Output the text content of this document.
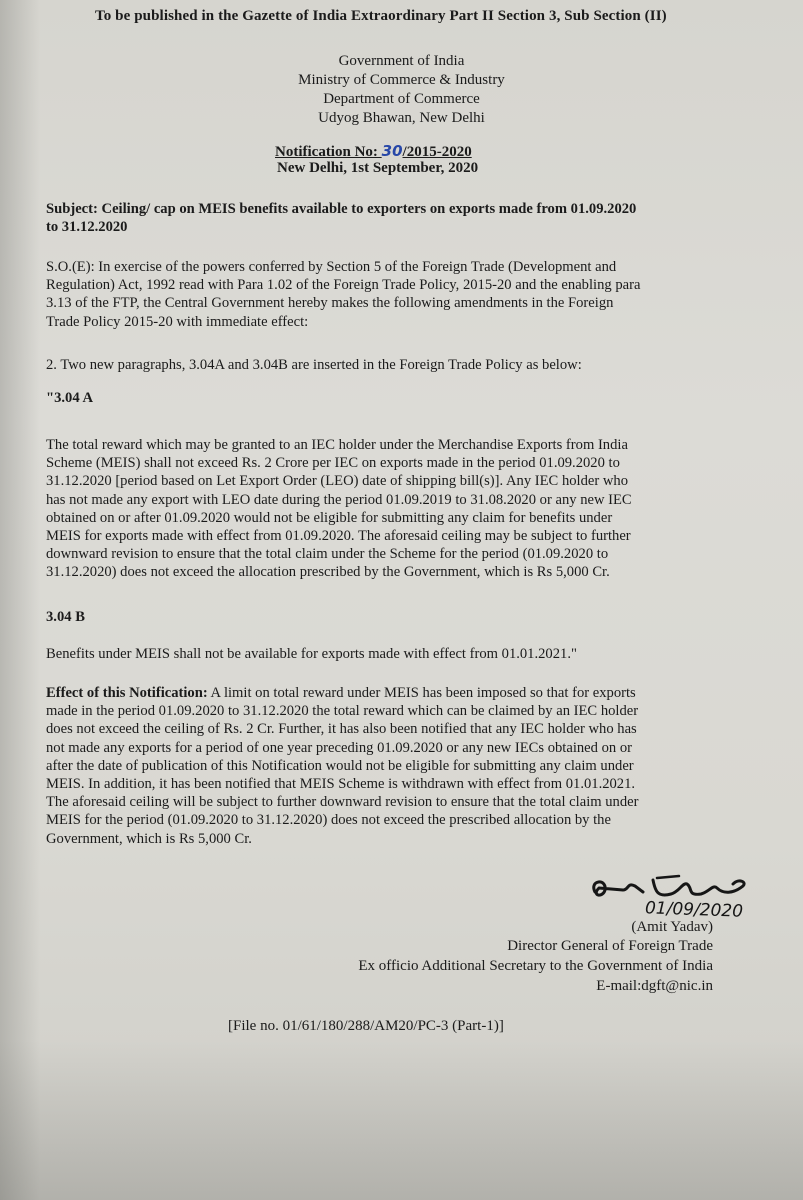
To be published in the Gazette of India Extraordinary Part II Section 3, Sub Section (II)
Government of India
Ministry of Commerce & Industry
Department of Commerce
Udyog Bhawan, New Delhi
Notification No: 30/2015-2020
New Delhi, 1st September, 2020
Subject: Ceiling/ cap on MEIS benefits available to exporters on exports made from 01.09.2020
to 31.12.2020
S.O.(E): In exercise of the powers conferred by Section 5 of the Foreign Trade (Development and
Regulation) Act, 1992 read with Para 1.02 of the Foreign Trade Policy, 2015-20 and the enabling para
3.13 of the FTP, the Central Government hereby makes the following amendments in the Foreign
Trade Policy 2015-20 with immediate effect:
2. Two new paragraphs, 3.04A and 3.04B are inserted in the Foreign Trade Policy as below:
"3.04 A
The total reward which may be granted to an IEC holder under the Merchandise Exports from India
Scheme (MEIS) shall not exceed Rs. 2 Crore per IEC on exports made in the period 01.09.2020 to
31.12.2020 [period based on Let Export Order (LEO) date of shipping bill(s)]. Any IEC holder who
has not made any export with LEO date during the period 01.09.2019 to 31.08.2020 or any new IEC
obtained on or after 01.09.2020 would not be eligible for submitting any claim for benefits under
MEIS for exports made with effect from 01.09.2020. The aforesaid ceiling may be subject to further
downward revision to ensure that the total claim under the Scheme for the period (01.09.2020 to
31.12.2020) does not exceed the allocation prescribed by the Government, which is Rs 5,000 Cr.
3.04 B
Benefits under MEIS shall not be available for exports made with effect from 01.01.2021."
Effect of this Notification: A limit on total reward under MEIS has been imposed so that for exports
made in the period 01.09.2020 to 31.12.2020 the total reward which can be claimed by an IEC holder
does not exceed the ceiling of Rs. 2 Cr. Further, it has also been notified that any IEC holder who has
not made any exports for a period of one year preceding 01.09.2020 or any new IECs obtained on or
after the date of publication of this Notification would not be eligible for submitting any claim under
MEIS. In addition, it has been notified that MEIS Scheme is withdrawn with effect from 01.01.2021.
The aforesaid ceiling will be subject to further downward revision to ensure that the total claim under
MEIS for the period (01.09.2020 to 31.12.2020) does not exceed the prescribed allocation by the
Government, which is Rs 5,000 Cr.
01/09/2020
(Amit Yadav)
Director General of Foreign Trade
Ex officio Additional Secretary to the Government of India
E-mail:dgft@nic.in
[File no. 01/61/180/288/AM20/PC-3 (Part-1)]
